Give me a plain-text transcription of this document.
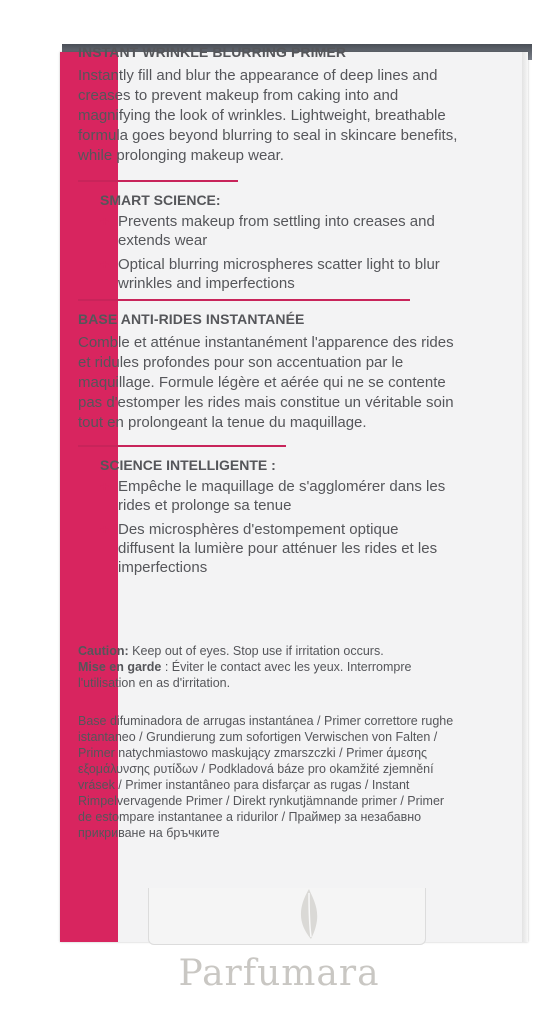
INSTANT WRINKLE BLURRING PRIMER

Instantly fill and blur the appearance of deep lines and creases to prevent makeup from caking into and magnifying the look of wrinkles. Lightweight, breathable formula goes beyond blurring to seal in skincare benefits, while prolonging makeup wear.

SMART SCIENCE:
+ Prevents makeup from settling into creases and extends wear
+ Optical blurring microspheres scatter light to blur wrinkles and imperfections
BASE ANTI-RIDES INSTANTANÉE

Comble et atténue instantanément l'apparence des rides et ridules profondes pour son accentuation par le maquillage. Formule légère et aérée qui ne se contente pas d'estomper les rides mais constitue un véritable soin tout en prolongeant la tenue du maquillage.

SCIENCE INTELLIGENTE :
+ Empêche le maquillage de s'agglomérer dans les rides et prolonge sa tenue
+ Des microsphères d'estompement optique diffusent la lumière pour atténuer les rides et les imperfections
Caution: Keep out of eyes. Stop use if irritation occurs.
Mise en garde : Éviter le contact avec les yeux. Interrompre l'utilisation en as d'irritation.

Base difuminadora de arrugas instantánea / Primer correttore rughe istantaneo / Grundierung zum sofortigen Verwischen von Falten / Primer natychmiastowo maskujący zmarszczki / Primer άμεσης εξομάλυνσης ρυτίδων / Podkladová báze pro okamžité zjemnění vrásek / Primer instantâneo para disfarçar as rugas / Instant Rimpelvervagende Primer / Direkt rynkutjämnande primer / Primer de estompare instantanee a ridurilor / Праймер за незабавно прикриване на бръчките

Parfumara
